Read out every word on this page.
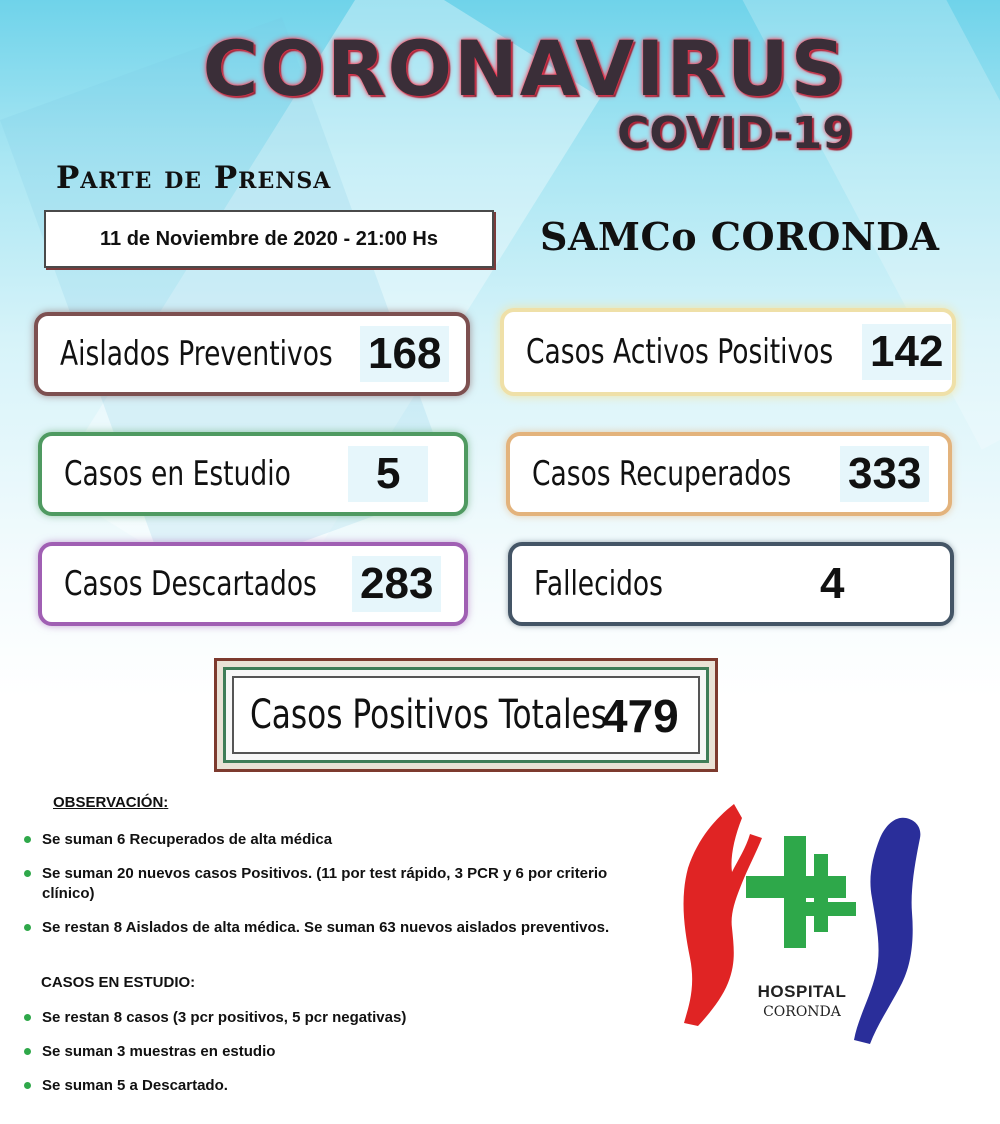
CORONAVIRUS
COVID-19
Parte de Prensa
11 de Noviembre de 2020 - 21:00 Hs	SAMCo CORONDA
Aislados Preventivos 168 Casos Activos Positivos 142
Casos en Estudio	5	Casos Recuperados 333
Casos Descartados 283	Fallecidos	4
Casos Positivos Totales
479
OBSERVACIÓN:
Se suman 6 Recuperados de alta médica
Se suman 20 nuevos casos Positivos. (11 por test rápido, 3 PCR y 6 por criterio clínico)
Se restan 8 Aislados de alta médica. Se suman 63 nuevos aislados preventivos.
CASOS EN ESTUDIO:
Se restan 8 casos (3 pcr positivos, 5 pcr negativas)
Se suman 3 muestras en estudio
Se suman 5 a Descartado.
HOSPITAL
CORONDA
